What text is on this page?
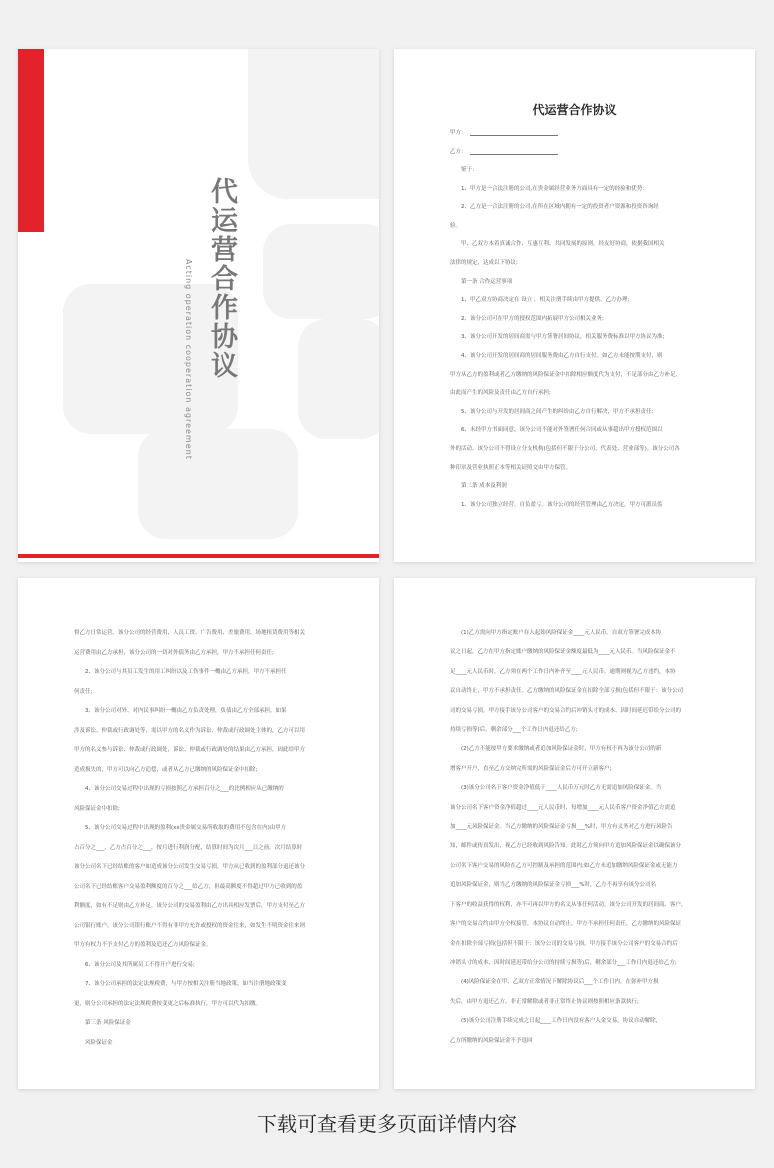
代运营合作协议
Acting operation cooperation agreement
代运营合作协议
甲方：
乙方：

鉴于：

1、甲方是一合法注册的公司,在贵金属经营业务方面具有一定的经验和优势;

2、乙方是一合法注册的公司,在所在区域内拥有一定的投资者户资源和投资咨询经

验。

甲、乙双方本着真诚合作、互惠互利、共同发展的原则，经友好协商，依据我国相关

法律的规定，达成以下协议:

第一条 合作运营事项

1、甲乙双方协商决定在 设立 ，相关注册手续由甲方提供、乙方办理;

2、该分公司可在甲方的授权范围内拓展甲方公司相关业务;

3、该分公司开发的居间商需与甲方签署居间协议，相关服务费标准以甲方协议为准;

4、该分公司开发的居间商的居间服务费由乙方自行支付。如乙方未能按期支付，则

甲方从乙方的盈利或者乙方缴纳的风险保证金中扣除相应额度代为支付，不足部分由乙方补足,

由此而产生的风险及责任由乙方自行承担;

5、该分公司与开发的居间商之间产生的纠纷由乙方自行解决，甲方不承担责任;

6、未经甲方书面同意，该分公司不能对外签署任何合同或从事超出甲方授权范围以

外的活动。该分公司不得设立分支机构(包括但不限于分公司、代表处、营业部等)。该分公司各

种印章及营业执照正本等相关证照交由甲方保管。

第二条 成本及利润

1、该分公司独立经营、自负盈亏。该分公司的经营管理由乙方决定，甲方可派员监

督乙方日常运营。该分公司的经营费用、人员工资、广告费用、差旅费用、场地租赁费用等相关

运营费用由乙方承担，该分公司的一切对外债务由乙方承担，甲方不承担任何责任;

2、该分公司与其员工发生的用工纠纷以及工伤事件一概由乙方承担，甲方不承担任

何责任;

3、该分公司对外、对内民事纠纷一概由乙方负责处理，负债由乙方全部承担，如果

涉及诉讼、仲裁或行政调处等，需以甲方的名义作为诉讼、仲裁或行政调处主体的，乙方可以用

甲方的名义参与诉讼、仲裁或行政调处，诉讼、仲裁或行政调处的结果由乙方承担，因此给甲方

造成损失的，甲方可以向乙方追偿，或者从乙方已缴纳的风险保证金中扣除;

4、该分公司交易过程中出现的亏损按照乙方承担百分之___的比例相应从已缴纳的

风险保证金中扣除;

5、该分公司交易过程中出现的盈利(xx贵金属交易所收取的费用不包含在内)由甲方

占百分之___，乙方占百分之___，按月进行利润分配，结算时间为次月___日之前。次月结算时

该分公司名下已经结账的客户如造成该分公司发生交易亏损，甲方从已收到的盈利部分退还该分

公司名下已经结账客户交易盈利额度的百分之___给乙方，但最高额度不得超过甲方已收到的盈

利额度，如有不足则由乙方补足。该分公司的交易盈利由乙方出具相应发票后，甲方支付至乙方

公司银行账户。该分公司银行账户不得有非甲方允许或授权的资金往来，如发生不明资金往来则

甲方有权力不予支付乙方的盈利及追还乙方风险保证金。

6、该分公司及其所属员工不得开户进行交易;

7、该分公司承担的法定法规税费，与甲方按相关注册当地政策。如当注册地政策变

更，则分公司承担的法定法规税费按变更之后标准执行，甲方可以代为扣缴。

第三条 风险保证金

风险保证金

(1)乙方需向甲方指定账户存入起始风险保证金____元人民币。自双方签署完成本协

议之日起，乙方在甲方指定账户缴纳的风险保证金额度最低为____元人民币。当风险保证金不

足____元人民币时，乙方须在两个工作日内补齐至____元人民币，逾期则视为乙方违约，本协

议自动终止，甲方不承担责任。乙方缴纳的风险保证金在扣除全部亏损(包括但不限于：该分公司

司的交易亏损，甲方接手该分公司客户的交易合约后冲销头寸的成本、因时间延迟带给分公司的

持续亏损等)后，剩余部分___个工作日内退还给乙方;

(2)乙方不能按甲方要求缴纳或者追加风险保证金时，甲方有权不再为该分公司的新

增客户开户，直至乙方交纳完所需的风险保证金后方可开立新客户;

(3)该分公司名下客户资金净值低于____人民币万元时乙方无需追加风险保证金。当

该分公司名下客户资金净值超过____元人民币时，每增加____元人民币客户资金净值乙方需追

加____元风险保证金。当乙方缴纳的风险保证金亏损___%时，甲方有义务对乙方进行风险告

知，邮件或传真发出，视乙方已经收到风险告知。此时乙方须向甲方追加风险保证金以确保该分

公司名下客户交易的风险在乙方可控制及承担的范围内;如乙方未追加缴纳风险保证金或无能力

追加风险保证金，则当乙方缴纳的风险保证金亏损___%时，乙方不再享有该分公司名

下客户的收益获得的权利，亦不可再以甲方的名义从事任何活动。该分公司开发的居间商、客户，

客户的交易合约由甲方全权接管，本协议自动终止，甲方不承担任何责任。乙方缴纳的风险保证

金在扣除全部亏损(包括但不限于：该分公司的交易亏损，甲方接手该分公司客户的交易合约后

冲销头寸的成本、因时间延迟带给分公司的持续亏损等)后，剩余部分___工作日内退还给乙方;

(4)风险保证金在甲、乙双方正常情况下解除协议后___个工作日内，在弥补甲方损

失后，由甲方退还乙方。非正常解除或者非正常终止协议则按照相应条款执行;

(5)该分公司注册手续完成之日起____工作日内没有客户入金交易，协议自动解除，

乙方所缴纳的风险保证金不予退回

下载可查看更多页面详情内容
